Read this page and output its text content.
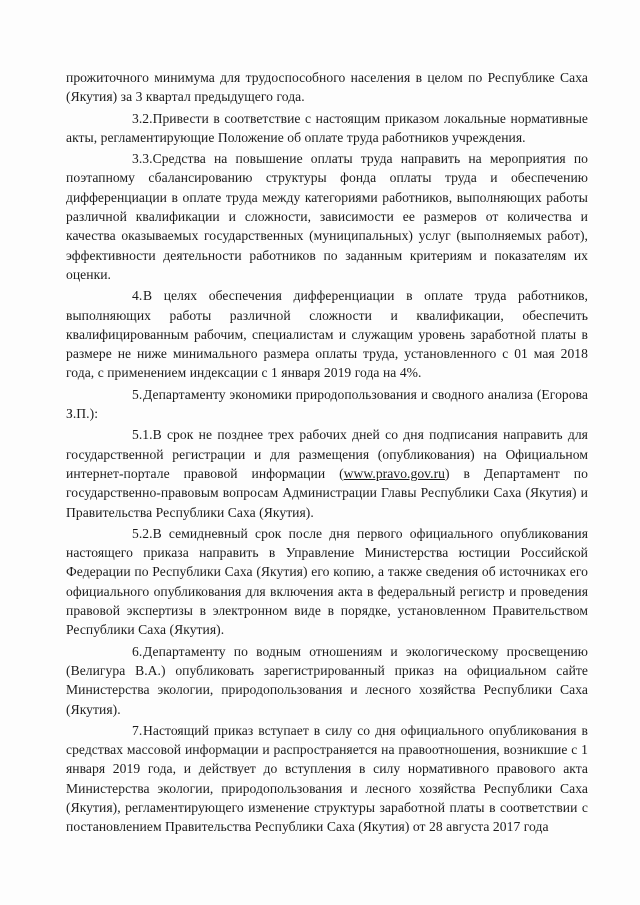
прожиточного минимума для трудоспособного населения в целом по Республике Саха (Якутия) за 3 квартал предыдущего года.

3.2.Привести в соответствие с настоящим приказом локальные нормативные акты, регламентирующие Положение об оплате труда работников учреждения.

3.3.Средства на повышение оплаты труда направить на мероприятия по поэтапному сбалансированию структуры фонда оплаты труда и обеспечению дифференциации в оплате труда между категориями работников, выполняющих работы различной квалификации и сложности, зависимости ее размеров от количества и качества оказываемых государственных (муниципальных) услуг (выполняемых работ), эффективности деятельности работников по заданным критериям и показателям их оценки.

4.В целях обеспечения дифференциации в оплате труда работников, выполняющих работы различной сложности и квалификации, обеспечить квалифицированным рабочим, специалистам и служащим уровень заработной платы в размере не ниже минимального размера оплаты труда, установленного с 01 мая 2018 года, с применением индексации с 1 января 2019 года на 4%.

5.Департаменту экономики природопользования и сводного анализа (Егорова З.П.):

5.1.В срок не позднее трех рабочих дней со дня подписания направить для государственной регистрации и для размещения (опубликования) на Официальном интернет-портале правовой информации (www.pravo.gov.ru) в Департамент по государственно-правовым вопросам Администрации Главы Республики Саха (Якутия) и Правительства Республики Саха (Якутия).

5.2.В семидневный срок после дня первого официального опубликования настоящего приказа направить в Управление Министерства юстиции Российской Федерации по Республики Саха (Якутия) его копию, а также сведения об источниках его официального опубликования для включения акта в федеральный регистр и проведения правовой экспертизы в электронном виде в порядке, установленном Правительством Республики Саха (Якутия).

6.Департаменту по водным отношениям и экологическому просвещению (Велигура В.А.) опубликовать зарегистрированный приказ на официальном сайте Министерства экологии, природопользования и лесного хозяйства Республики Саха (Якутия).

7.Настоящий приказ вступает в силу со дня официального опубликования в средствах массовой информации и распространяется на правоотношения, возникшие с 1 января 2019 года, и действует до вступления в силу нормативного правового акта Министерства экологии, природопользования и лесного хозяйства Республики Саха (Якутия), регламентирующего изменение структуры заработной платы в соответствии с постановлением Правительства Республики Саха (Якутия) от 28 августа 2017 года
